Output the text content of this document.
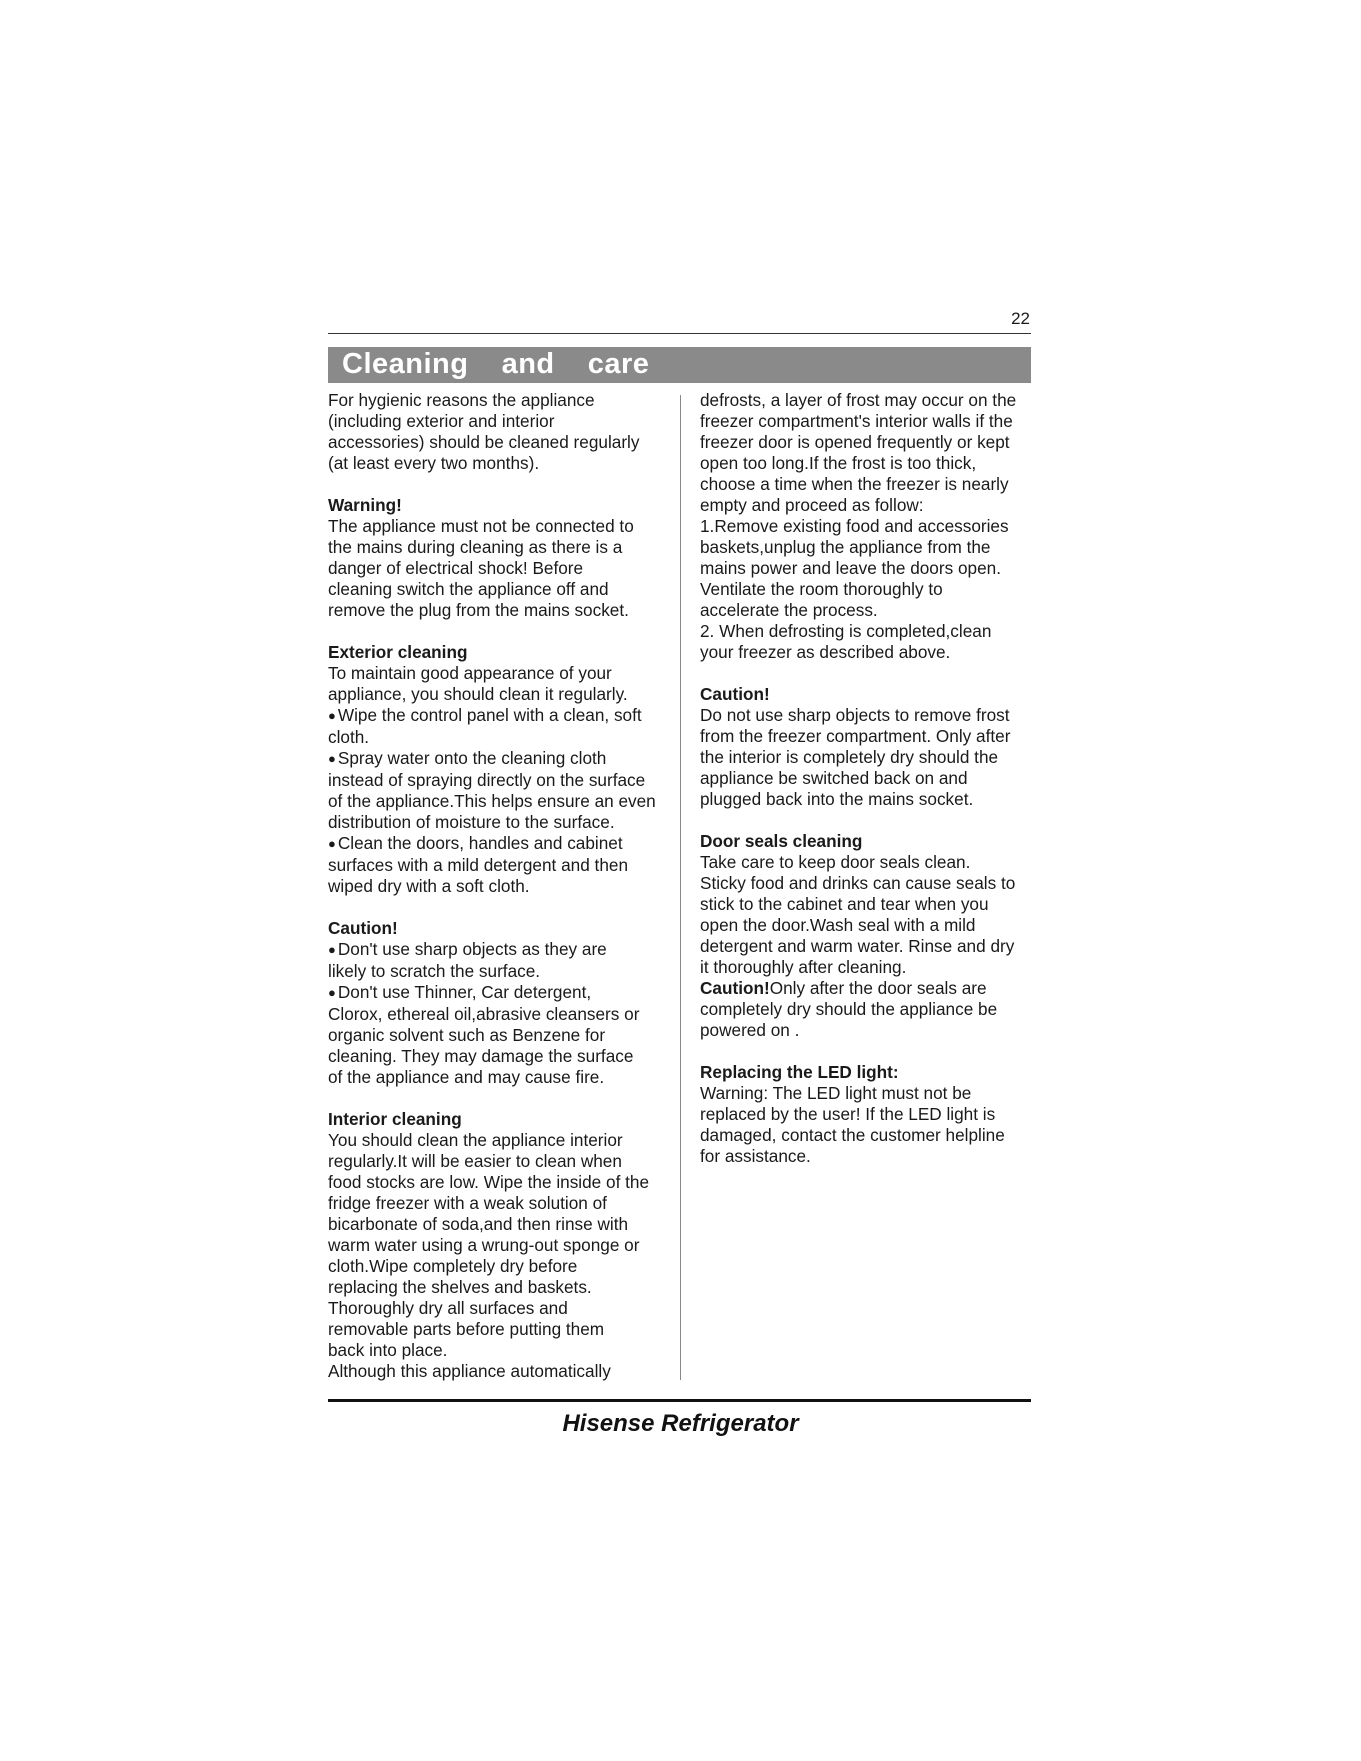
22
Cleaning  and  care

For hygienic reasons the appliance
(including exterior and interior
accessories) should be cleaned regularly
(at least every two months).

Warning!

The appliance must not be connected to
the mains during cleaning as there is a
danger of electrical shock! Before
cleaning switch the appliance off and
remove the plug from the mains socket.

Exterior cleaning

To maintain good appearance of your
appliance, you should clean it regularly.

● Wipe the control panel with a clean, soft
cloth.

● Spray water onto the cleaning cloth
instead of spraying directly on the surface
of the appliance.This helps ensure an even
distribution of moisture to the surface.

● Clean the doors, handles and cabinet
surfaces with a mild detergent and then
wiped dry with a soft cloth.

Caution!

● Don't use sharp objects as they are
likely to scratch the surface.

● Don't use Thinner, Car detergent,
Clorox, ethereal oil,abrasive cleansers or
organic solvent such as Benzene for
cleaning. They may damage the surface
of the appliance and may cause fire.

Interior cleaning

You should clean the appliance interior
regularly.It will be easier to clean when
food stocks are low. Wipe the inside of the
fridge freezer with a weak solution of
bicarbonate of soda,and then rinse with
warm water using a wrung-out sponge or
cloth.Wipe completely dry before
replacing the shelves and baskets.
Thoroughly dry all surfaces and
removable parts before putting them
back into place.
Although this appliance automatically

defrosts, a layer of frost may occur on the
freezer compartment's interior walls if the
freezer door is opened frequently or kept
open too long.If the frost is too thick,
choose a time when the freezer is nearly
empty and proceed as follow:
1.Remove existing food and accessories
baskets,unplug the appliance from the
mains power and leave the doors open.
Ventilate the room thoroughly to
accelerate the process.
2. When defrosting is completed,clean
your freezer as described above.

Caution!

Do not use sharp objects to remove frost
from the freezer compartment. Only after
the interior is completely dry should the
appliance be switched back on and
plugged back into the mains socket.

Door seals cleaning

Take care to keep door seals clean.
Sticky food and drinks can cause seals to
stick to the cabinet and tear when you
open the door.Wash seal with a mild
detergent and warm water. Rinse and dry
it thoroughly after cleaning.

Caution!Only after the door seals are
completely dry should the appliance be
powered on .

Replacing the LED light:

Warning: The LED light must not be
replaced by the user! If the LED light is
damaged, contact the customer helpline
for assistance.

Hisense Refrigerator
